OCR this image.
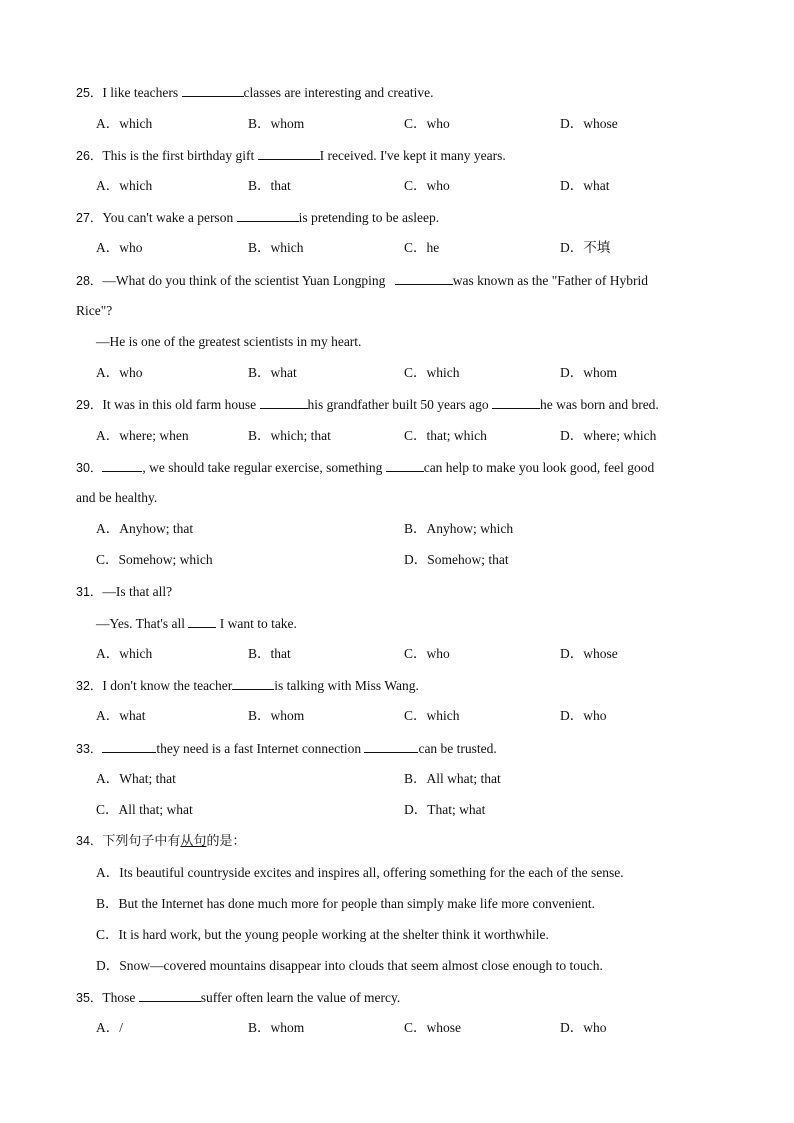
25．I like teachers	classes are interesting and creative.
A．which	B．whom	C．who	D．whose
26．This is the first birthday gift	I received. I've kept it many years.
A．which	B．that	C．who	D．what
27．You can't wake a person	is pretending to be asleep.
A．who	B．which	C．he	D．不填
28．—What do you think of the scientist Yuan Longping	was known as the "Father of Hybrid
Rice"?
—He is one of the greatest scientists in my heart.
A．who	B．what	C．which	D．whom
29．It was in this old farm house	his grandfather built 50 years ago	he was born and bred.
A．where; when	B．which; that	C．that; which	D．where; which
30．	, we should take regular exercise, something	can help to make you look good, feel good
and be healthy.
A．Anyhow; that	B．Anyhow; which
C．Somehow; which	D．Somehow; that
31．—Is that all?
—Yes. That's all  I want to take.
A．which	B．that	C．who	D．whose
32．I don't know the teacher	is talking with Miss Wang.
A．what	B．whom	C．which	D．who
33．	they need is a fast Internet connection	can be trusted.
A．What; that	B．All what; that
C．All that; what	D．That; what
34．下列句子中有从句的是：
A．Its beautiful countryside excites and inspires all, offering something for the each of the sense.
B．But the Internet has done much more for people than simply make life more convenient.
C．It is hard work, but the young people working at the shelter think it worthwhile.
D．Snow—covered mountains disappear into clouds that seem almost close enough to touch.
35．Those	suffer often learn the value of mercy.
A．/	B．whom	C．whose	D．who
